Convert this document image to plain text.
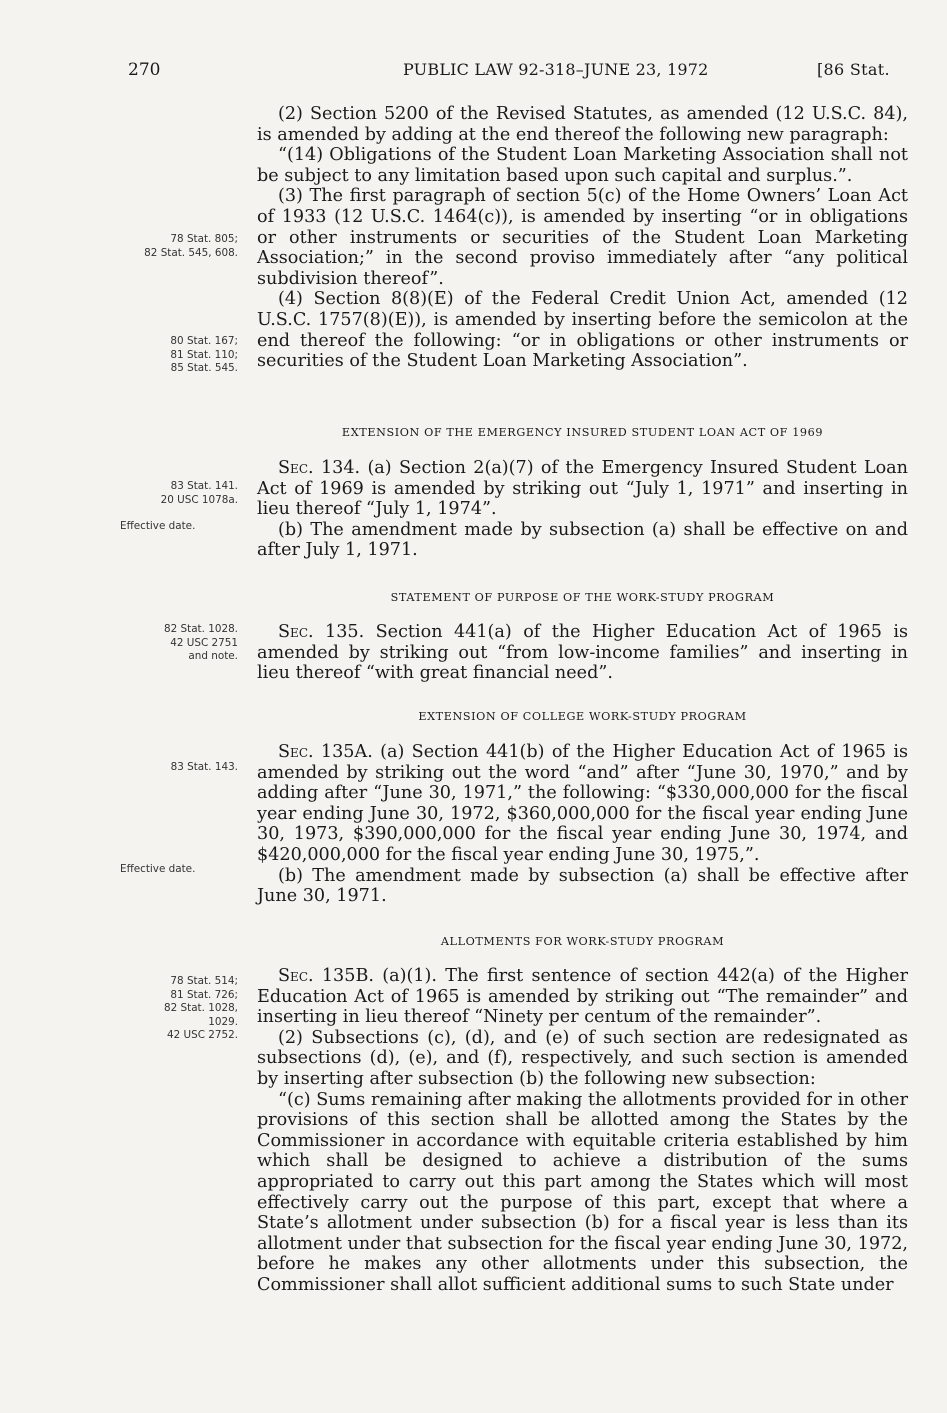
270	PUBLIC LAW 92-318–JUNE 23, 1972	[86 Stat.
78 Stat. 805;
82 Stat. 545, 608.
80 Stat. 167;
81 Stat. 110;
85 Stat. 545.
83 Stat. 141.
20 USC 1078a.
Effective date.
82 Stat. 1028.
42 USC 2751
and note.
83 Stat. 143.
Effective date.
78 Stat. 514;
81 Stat. 726;
82 Stat. 1028,
1029.
42 USC 2752.

(2) Section 5200 of the Revised Statutes, as amended (12 U.S.C. 84), is amended by adding at the end thereof the following new paragraph:

“(14) Obligations of the Student Loan Marketing Association shall not be subject to any limitation based upon such capital and surplus.”.

(3) The first paragraph of section 5(c) of the Home Owners’ Loan Act of 1933 (12 U.S.C. 1464(c)), is amended by inserting “or in obligations or other instruments or securities of the Student Loan Marketing Association;” in the second proviso immediately after “any political subdivision thereof”.

(4) Section 8(8)(E) of the Federal Credit Union Act, amended (12 U.S.C. 1757(8)(E)), is amended by inserting before the semicolon at the end thereof the following: “or in obligations or other instruments or securities of the Student Loan Marketing Association”.

EXTENSION OF THE EMERGENCY INSURED STUDENT LOAN ACT OF 1969

Sec. 134. (a) Section 2(a)(7) of the Emergency Insured Student Loan Act of 1969 is amended by striking out “July 1, 1971” and inserting in lieu thereof “July 1, 1974”.

(b) The amendment made by subsection (a) shall be effective on and after July 1, 1971.

STATEMENT OF PURPOSE OF THE WORK-STUDY PROGRAM

Sec. 135. Section 441(a) of the Higher Education Act of 1965 is amended by striking out “from low-income families” and inserting in lieu thereof “with great financial need”.

EXTENSION OF COLLEGE WORK-STUDY PROGRAM

Sec. 135A. (a) Section 441(b) of the Higher Education Act of 1965 is amended by striking out the word “and” after “June 30, 1970,” and by adding after “June 30, 1971,” the following: “$330,000,000 for the fiscal year ending June 30, 1972, $360,000,000 for the fiscal year ending June 30, 1973, $390,000,000 for the fiscal year ending June 30, 1974, and $420,000,000 for the fiscal year ending June 30, 1975,”.

(b) The amendment made by subsection (a) shall be effective after June 30, 1971.

ALLOTMENTS FOR WORK-STUDY PROGRAM

Sec. 135B. (a)(1). The first sentence of section 442(a) of the Higher Education Act of 1965 is amended by striking out “The remainder” and inserting in lieu thereof “Ninety per centum of the remainder”.

(2) Subsections (c), (d), and (e) of such section are redesignated as subsections (d), (e), and (f), respectively, and such section is amended by inserting after subsection (b) the following new subsection:

“(c) Sums remaining after making the allotments provided for in other provisions of this section shall be allotted among the States by the Commissioner in accordance with equitable criteria established by him which shall be designed to achieve a distribution of the sums appropriated to carry out this part among the States which will most effectively carry out the purpose of this part, except that where a State’s allotment under subsection (b) for a fiscal year is less than its allotment under that subsection for the fiscal year ending June 30, 1972, before he makes any other allotments under this subsection, the Commissioner shall allot sufficient additional sums to such State under
